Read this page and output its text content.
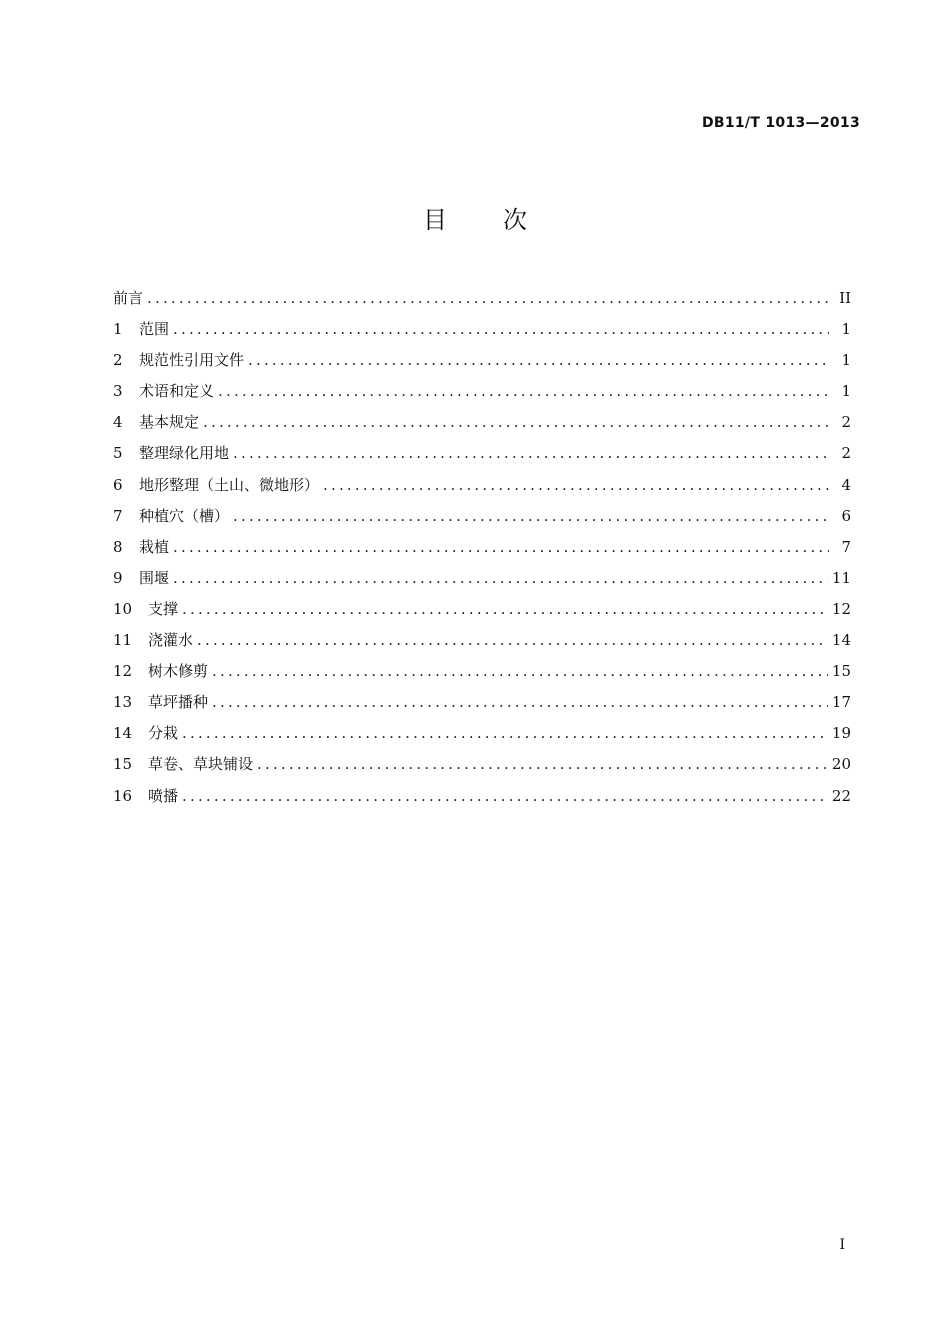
DB11/T 1013—2013
目 次
前言 .....	II
1	范围 .....	1
2	规范性引用文件 .....	1
3	术语和定义 .....	1
4	基本规定 .....	2
5	整理绿化用地 .....	2
6	地形整理（土山、微地形） .....	4
7	种植穴（槽） .....	6
8	栽植 .....	7
9	围堰 .....	11
10	支撑 .....	12
11	浇灌水 .....	14
12	树木修剪 .....	15
13	草坪播种 .....	17
14	分栽 .....	19
15	草卷、草块铺设 .....	20
16	喷播 .....	22
I
